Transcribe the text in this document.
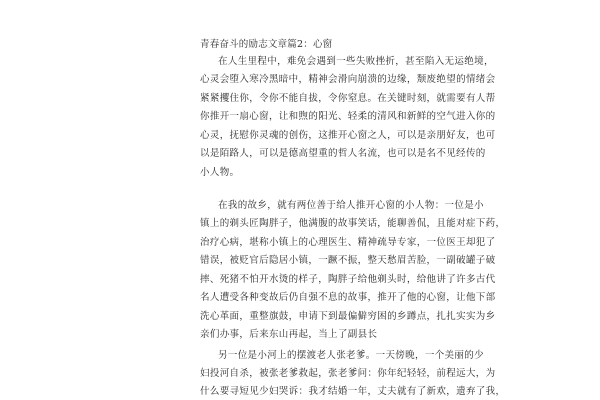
青春奋斗的励志文章篇2：心窗
在人生里程中，难免会遇到一些失败挫折，甚至陷入无运绝境，
心灵会堕入寒冷黑暗中，精神会滑向崩溃的边缘，颓废绝望的情绪会
紧紧攫住你，令你不能自拔，令你窒息。在关键时刻，就需要有人帮
你推开一扇心窗，让和煦的阳光、轻柔的清风和新鲜的空气进入你的
心灵，抚慰你灵魂的创伤，这推开心窗之人，可以是亲朋好友，也可
以是陌路人，可以是德高望重的哲人名流，也可以是名不见经传的
小人物。
在我的故乡，就有两位善于给人推开心窗的小人物：一位是小
镇上的剃头匠陶胖子，他满腹的故事笑话，能聊善侃，且能对症下药，
治疗心病，堪称小镇上的心理医生、精神疏导专家，一位医王却犯了
错误，被贬官后隐居小镇，一蹶不振，整天愁眉苦脸，一副破罐子破
摔、死猪不怕开水烫的样子，陶胖子给他剃头时，给他讲了许多古代
名人遭受各种变故后仍自强不息的故事，推开了他的心窗，让他下部
洗心革面，重整旗鼓，申请下到最偏僻穷困的乡蹲点，扎扎实实为乡
亲们办事，后来东山再起，当上了副县长
另一位是小河上的摆渡老人张老爹。一天傍晚，一个美丽的少
妇投河自杀，被张老爹救起，张老爹问：你年纪轻轻，前程远大，为
什么要寻短见少妇哭诉：我才结婚一年，丈夫就有了新欢，遗弃了我，
